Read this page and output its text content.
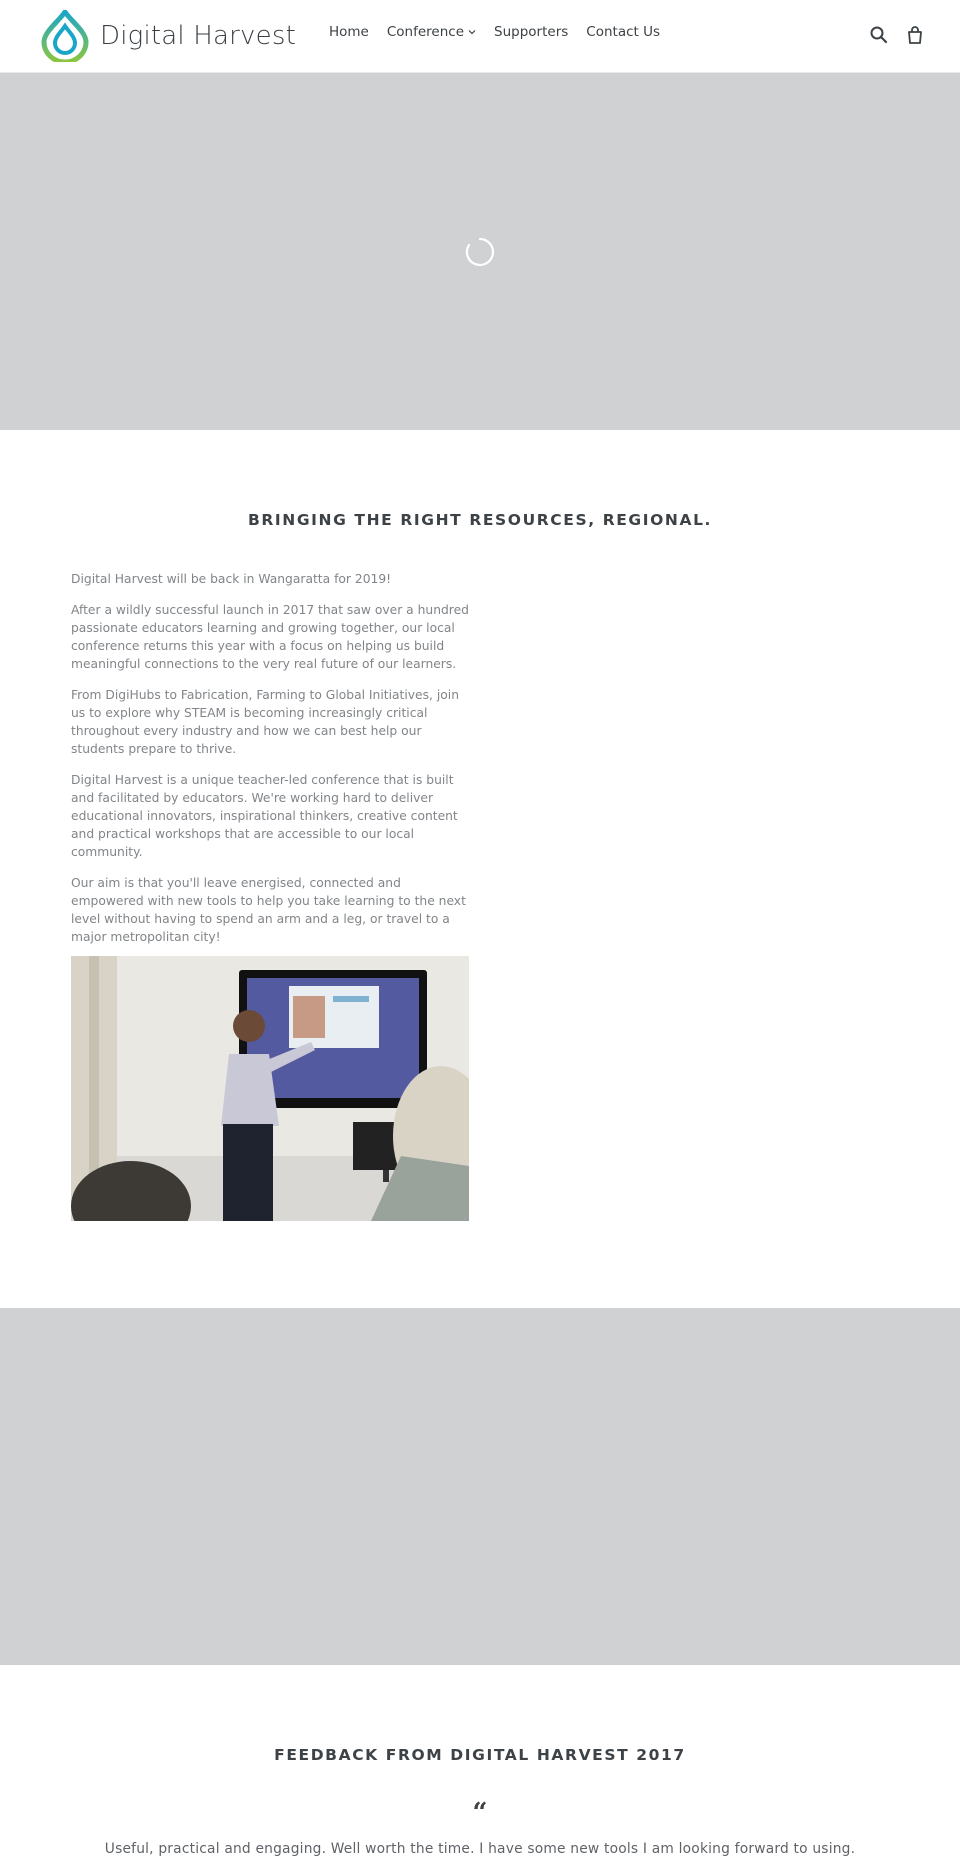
Digital Harvest Home Conference Supporters Contact Us
BRINGING THE RIGHT RESOURCES, REGIONAL.

Digital Harvest will be back in Wangaratta for 2019!

After a wildly successful launch in 2017 that saw over a hundred passionate educators learning and growing together, our local conference returns this year with a focus on helping us build meaningful connections to the very real future of our learners.

From DigiHubs to Fabrication, Farming to Global Initiatives, join us to explore why STEAM is becoming increasingly critical throughout every industry and how we can best help our students prepare to thrive.

Digital Harvest is a unique teacher-led conference that is built and facilitated by educators. We're working hard to deliver educational innovators, inspirational thinkers, creative content and practical workshops that are accessible to our local community.

Our aim is that you'll leave energised, connected and empowered with new tools to help you take learning to the next level without having to spend an arm and a leg, or travel to a major metropolitan city!

FEEDBACK FROM DIGITAL HARVEST 2017
“

Useful, practical and engaging. Well worth the time. I have some new tools I am looking forward to using.
